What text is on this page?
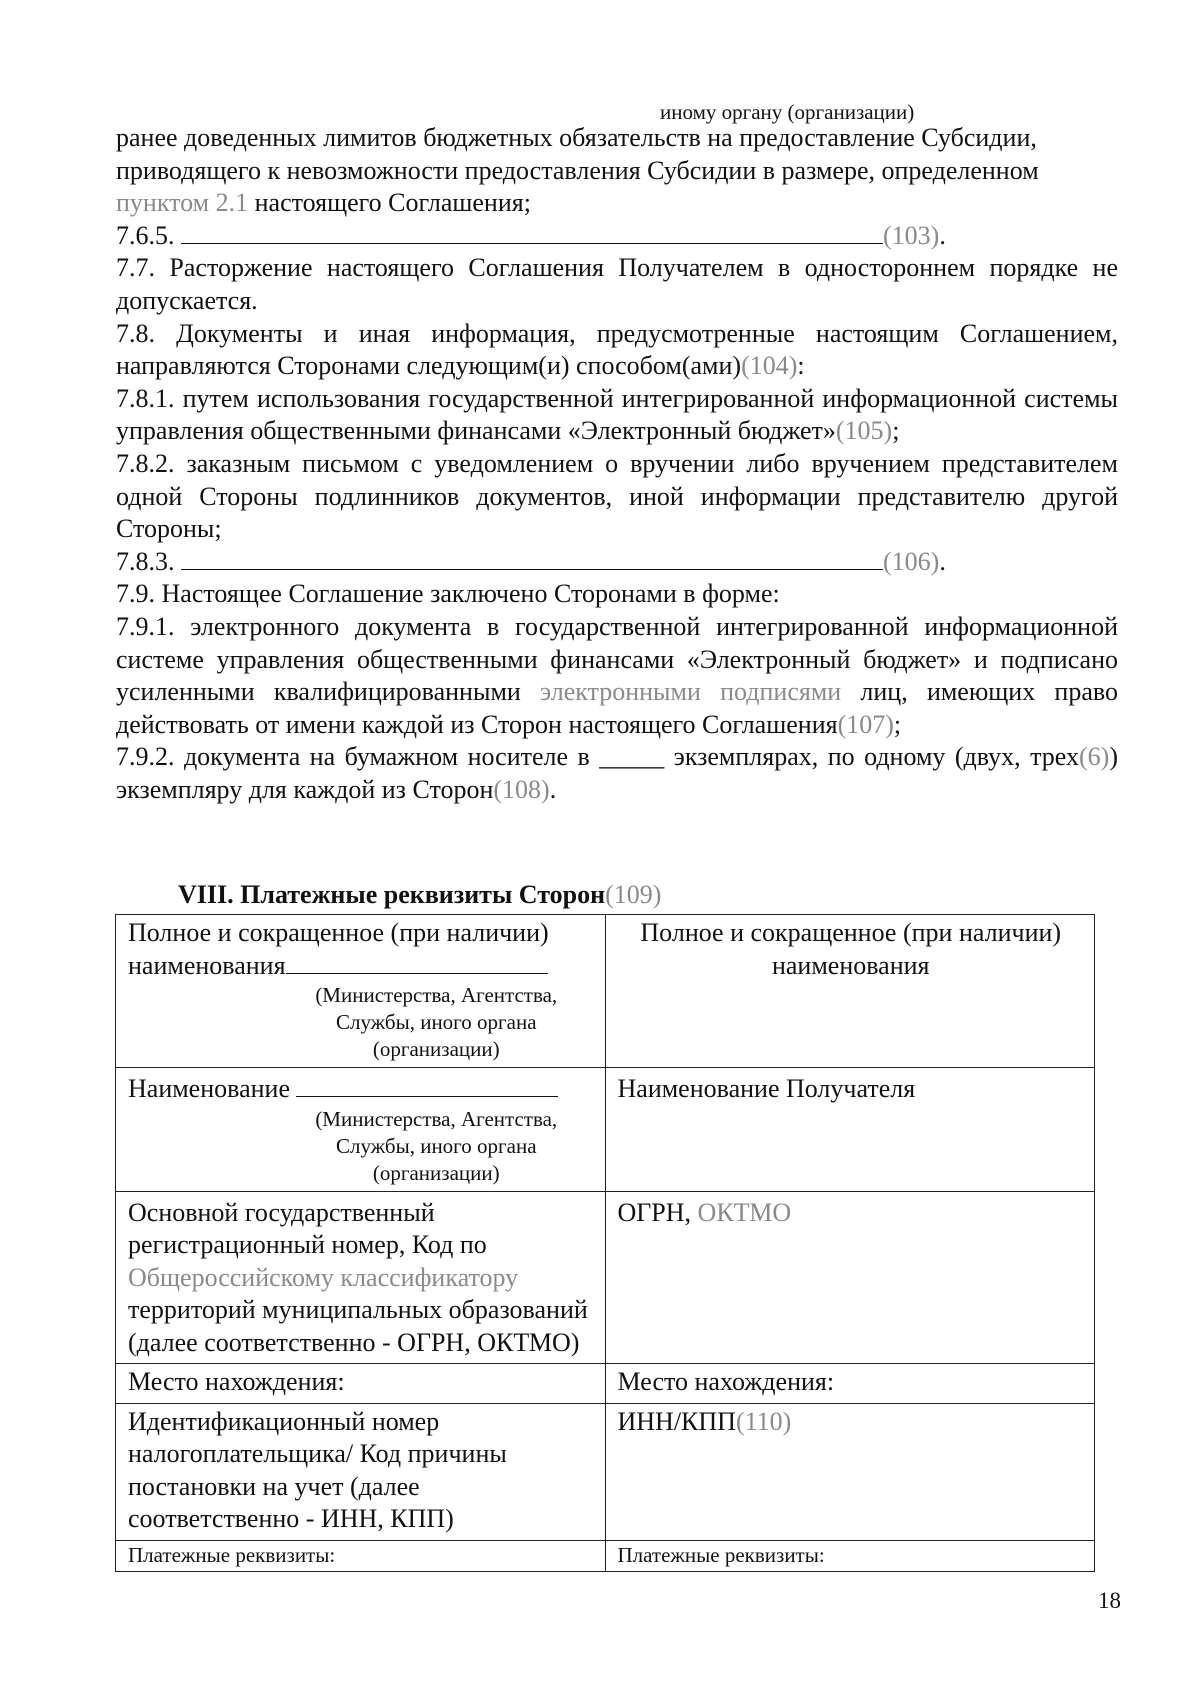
иному органу (организации)

ранее доведенных лимитов бюджетных обязательств на предоставление Субсидии,

приводящего к невозможности предоставления Субсидии в размере, определенном

пунктом 2.1 настоящего Соглашения;

7.6.5.	(103).

7.7. Расторжение настоящего Соглашения Получателем в одностороннем порядке не допускается.

7.8. Документы и иная информация, предусмотренные настоящим Соглашением, направляются Сторонами следующим(и) способом(ами)(104):

7.8.1. путем использования государственной интегрированной информационной системы управления общественными финансами «Электронный бюджет»(105);

7.8.2. заказным письмом с уведомлением о вручении либо вручением представителем одной Стороны подлинников документов, иной информации представителю другой Стороны;

7.8.3.	(106).

7.9. Настоящее Соглашение заключено Сторонами в форме:

7.9.1. электронного документа в государственной интегрированной информационной системе управления общественными финансами «Электронный бюджет» и подписано усиленными квалифицированными электронными подписями лиц, имеющих право действовать от имени каждой из Сторон настоящего Соглашения(107);

7.9.2. документа на бумажном носителе в _____ экземплярах, по одному (двух, трех(6)) экземпляру для каждой из Сторон(108).

VIII. Платежные реквизиты Сторон(109)
Полное и сокращенное (при наличии)
наименования
(Министерства, Агентства, Службы, иного органа (организации)	Полное и сокращенное (при наличии) наименования

Наименование
(Министерства, Агентства, Службы, иного органа (организации)	Наименование Получателя

Основной государственный регистрационный номер, Код по Общероссийскому классификатору территорий муниципальных образований (далее соответственно - ОГРН, ОКТМО)	ОГРН, ОКТМО

Место нахождения:	Место нахождения:

Идентификационный номер налогоплательщика/ Код причины постановки на учет (далее соответственно - ИНН, КПП)	ИНН/КПП(110)

Платежные реквизиты:	Платежные реквизиты:
18
